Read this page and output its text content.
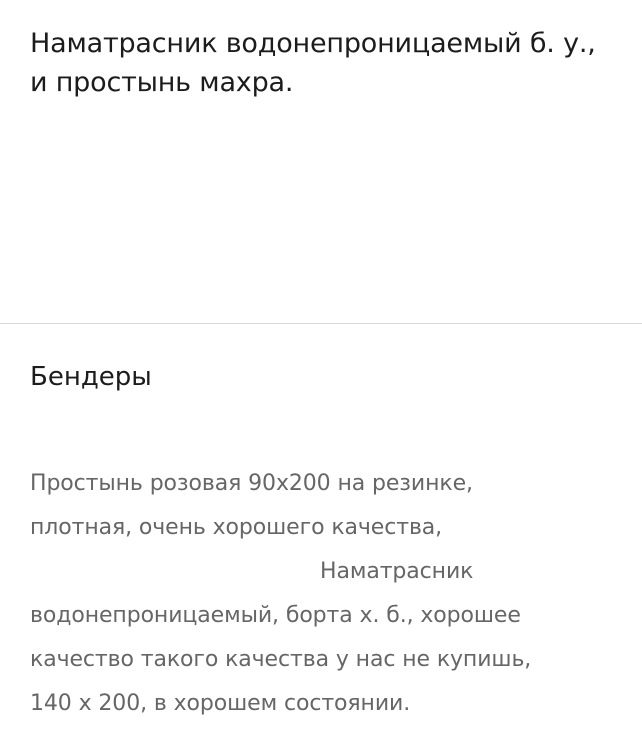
Наматрасник водонепроницаемый б. у., и простынь махра.
Бендеры
Простынь розовая 90х200 на резинке,
плотная, очень хорошего качества,
Наматрасник
водонепроницаемый, борта х. б., хорошее
качество такого качества у нас не купишь,
140 х 200, в хорошем состоянии.
